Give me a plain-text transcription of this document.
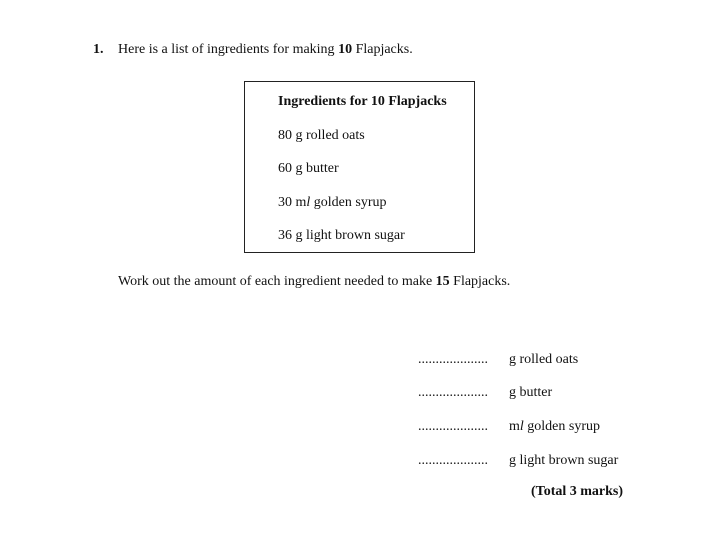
1. Here is a list of ingredients for making 10 Flapjacks.
Ingredients for 10 Flapjacks
80 g rolled oats
60 g butter
30 ml golden syrup
36 g light brown sugar
Work out the amount of each ingredient needed to make 15 Flapjacks.
.................... g rolled oats
.................... g butter
.................... ml golden syrup
.................... g light brown sugar
(Total 3 marks)
